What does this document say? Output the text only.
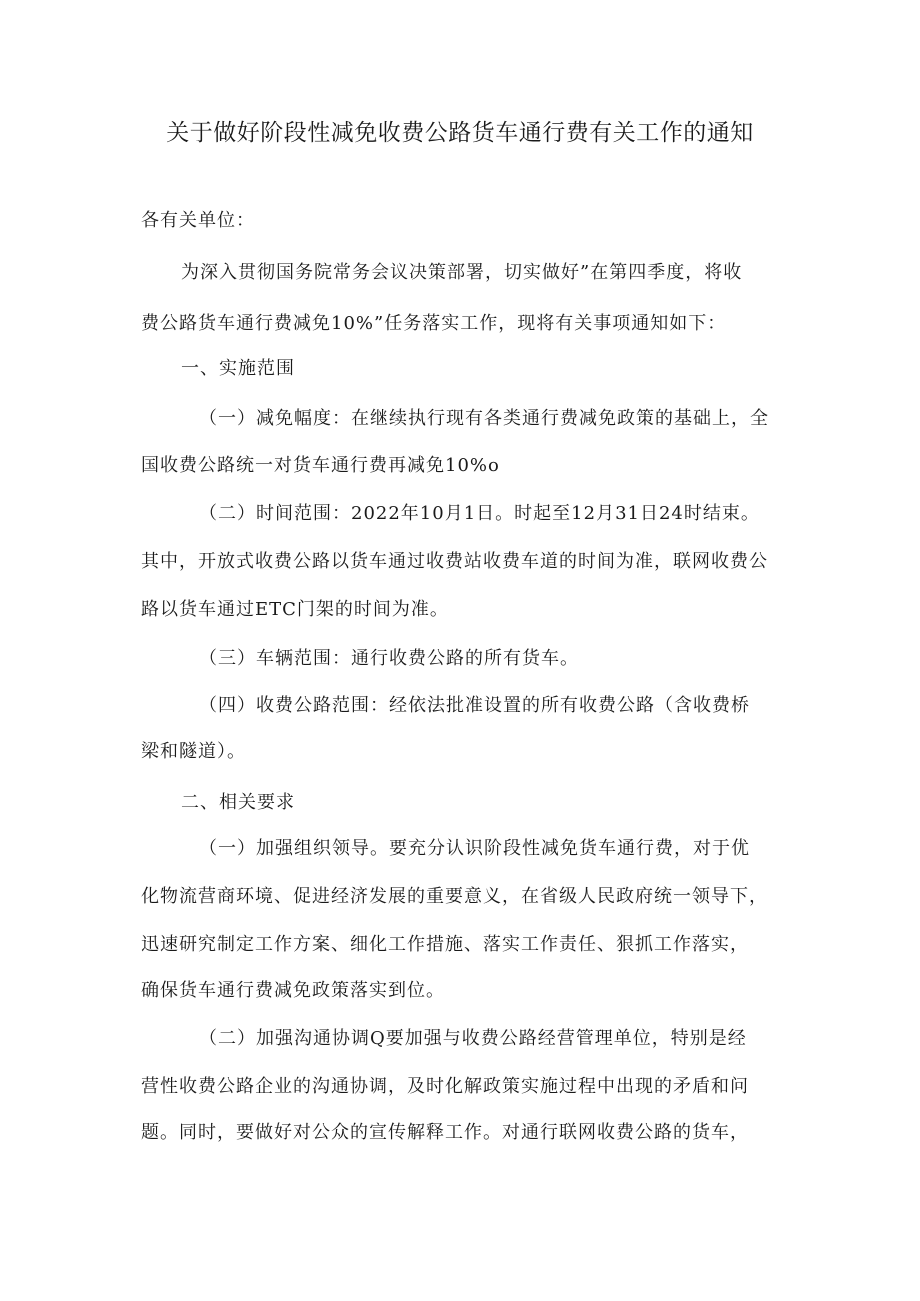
关于做好阶段性减免收费公路货车通行费有关工作的通知
各有关单位：
为深入贯彻国务院常务会议决策部署，切实做好”在第四季度，将收
费公路货车通行费减免10%”任务落实工作，现将有关事项通知如下：
一、实施范围
（一）减免幅度：在继续执行现有各类通行费减免政策的基础上，全
国收费公路统一对货车通行费再减免10%o
（二）时间范围：2022年10月1日。时起至12月31日24时结束。
其中，开放式收费公路以货车通过收费站收费车道的时间为准，联网收费公
路以货车通过ETC门架的时间为准。
（三）车辆范围：通行收费公路的所有货车。
（四）收费公路范围：经依法批准设置的所有收费公路（含收费桥
梁和隧道）。
二、相关要求
（一）加强组织领导。要充分认识阶段性减免货车通行费，对于优
化物流营商环境、促进经济发展的重要意义，在省级人民政府统一领导下，
迅速研究制定工作方案、细化工作措施、落实工作责任、狠抓工作落实，
确保货车通行费减免政策落实到位。
（二）加强沟通协调Q要加强与收费公路经营管理单位，特别是经
营性收费公路企业的沟通协调，及时化解政策实施过程中出现的矛盾和问
题。同时，要做好对公众的宣传解释工作。对通行联网收费公路的货车，
